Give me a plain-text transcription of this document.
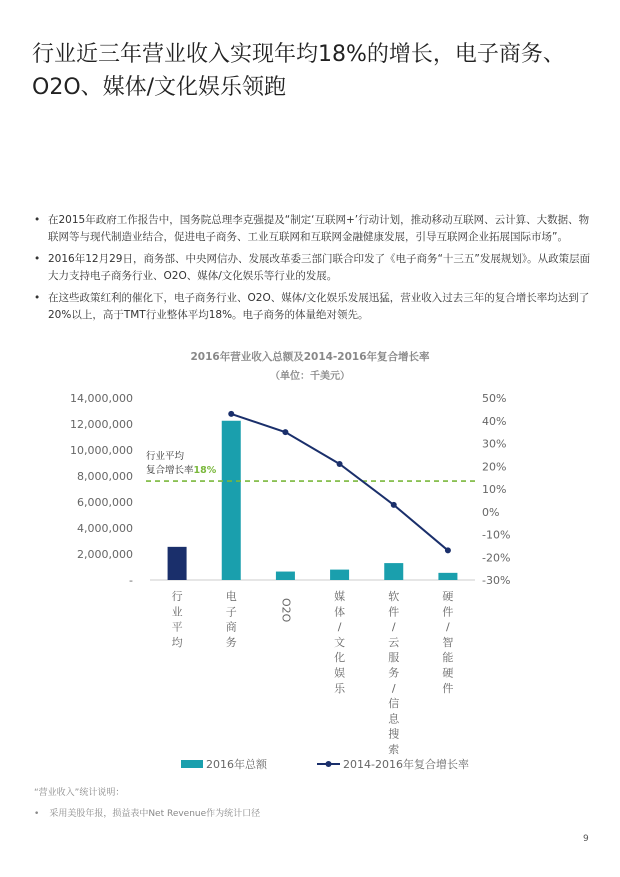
行业近三年营业收入实现年均18%的增长，电子商务、O2O、媒体/文化娱乐领跑
• 在2015年政府工作报告中，国务院总理李克强提及“制定‘互联网+’行动计划，推动移动互联网、云计算、大数据、物联网等与现代制造业结合，促进电子商务、工业互联网和互联网金融健康发展，引导互联网企业拓展国际市场”。
• 2016年12月29日，商务部、中央网信办、发展改革委三部门联合印发了《电子商务“十三五”发展规划》。从政策层面大力支持电子商务行业、O2O、媒体/文化娱乐等行业的发展。
• 在这些政策红利的催化下，电子商务行业、O2O、媒体/文化娱乐发展迅猛，营业收入过去三年的复合增长率均达到了20%以上，高于TMT行业整体平均18%。电子商务的体量绝对领先。
2016年营业收入总额及2014-2016年复合增长率
（单位：千美元）
-
2,000,000
4,000,000
6,000,000
8,000,000
10,000,000
12,000,000
14,000,000
-30%
-20%
-10%
0%
10%
20%
30%
40%
50%
行业平均
复合增长率18%
行业平均
电子商务
O2O
媒体/文化娱乐
软件/云服务/信息搜索
硬件/智能硬件
2016年总额	2014-2016年复合增长率
“营业收入”统计说明：
• 采用美股年报，损益表中Net Revenue作为统计口径
9
